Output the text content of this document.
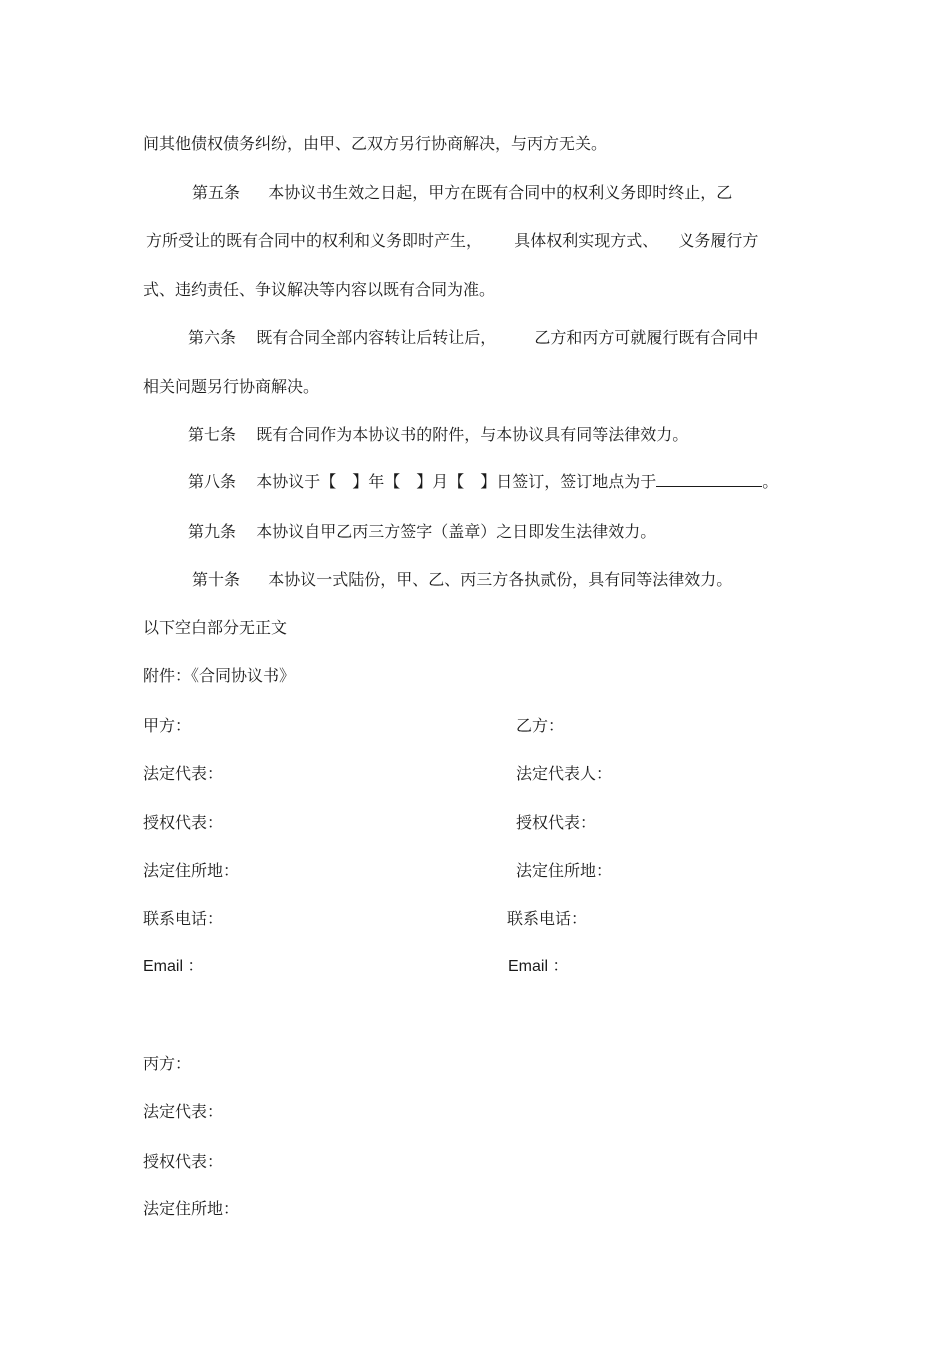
间其他债权债务纠纷，由甲、乙双方另行协商解决，与丙方无关。
第五条 本协议书生效之日起，甲方在既有合同中的权利义务即时终止，乙
方所受让的既有合同中的权利和义务即时产生， 具体权利实现方式、 义务履行方
式、违约责任、争议解决等内容以既有合同为准。
第六条 既有合同全部内容转让后转让后， 乙方和丙方可就履行既有合同中
相关问题另行协商解决。
第七条 既有合同作为本协议书的附件，与本协议具有同等法律效力。
第八条 本协议于【　】年【　】月【　】日签订，签订地点为于	。
第九条 本协议自甲乙丙三方签字（盖章）之日即发生法律效力。
第十条 本协议一式陆份，甲、乙、丙三方各执贰份，具有同等法律效力。
以下空白部分无正文
附件：《合同协议书》
甲方：
法定代表：
授权代表：
法定住所地：
联系电话：
Email ：
乙方：
法定代表人：
授权代表：
法定住所地：
联系电话：
Email ：
丙方：
法定代表：
授权代表：
法定住所地：
